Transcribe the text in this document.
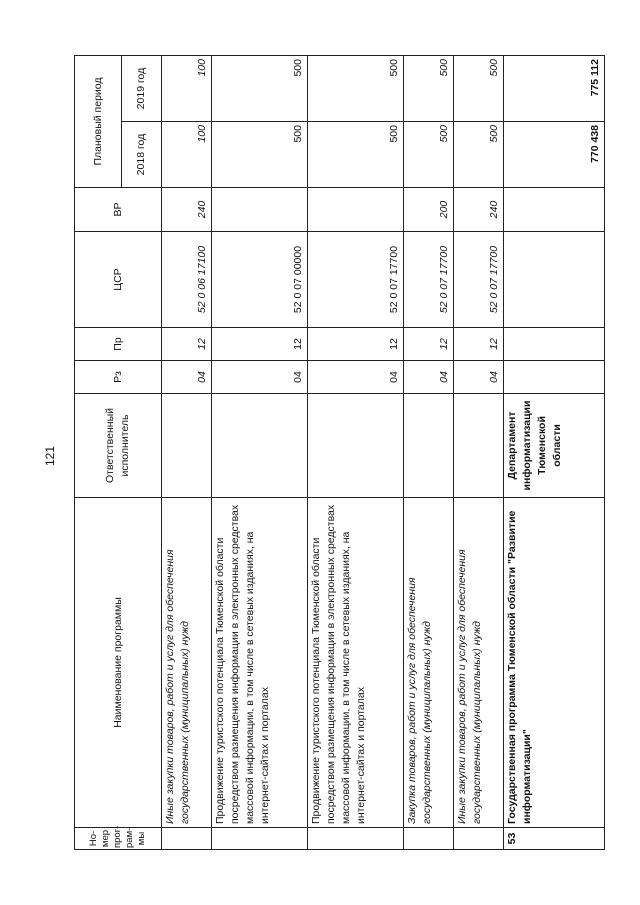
121
Но-мер прог-рам-мы	Наименование программы	Ответственный исполнитель	Рз	Пр	ЦСР	ВР	Плановый период	
							2018 год	2019 год
	Иные закупки товаров, работ и услуг для обеспечения государственных (муниципальных) нужд		04	12	52 0 06 17100	240	100	100
	Продвижение туристского потенциала Тюменской области посредством размещения информации в электронных средствах массовой информации, в том числе в сетевых изданиях, на интернет-сайтах и порталах		04	12	52 0 07 00000		500	500
	Продвижение туристского потенциала Тюменской области посредством размещения информации в электронных средствах массовой информации, в том числе в сетевых изданиях, на интернет-сайтах и порталах		04	12	52 0 07 17700		500	500
	Закупка товаров, работ и услуг для обеспечения государственных (муниципальных) нужд		04	12	52 0 07 17700	200	500	500
	Иные закупки товаров, работ и услуг для обеспечения государственных (муниципальных) нужд		04	12	52 0 07 17700	240	500	500
53	Государственная программа Тюменской области "Развитие информатизации"	Департамент информатизации Тюменской области					770 438	775 112
